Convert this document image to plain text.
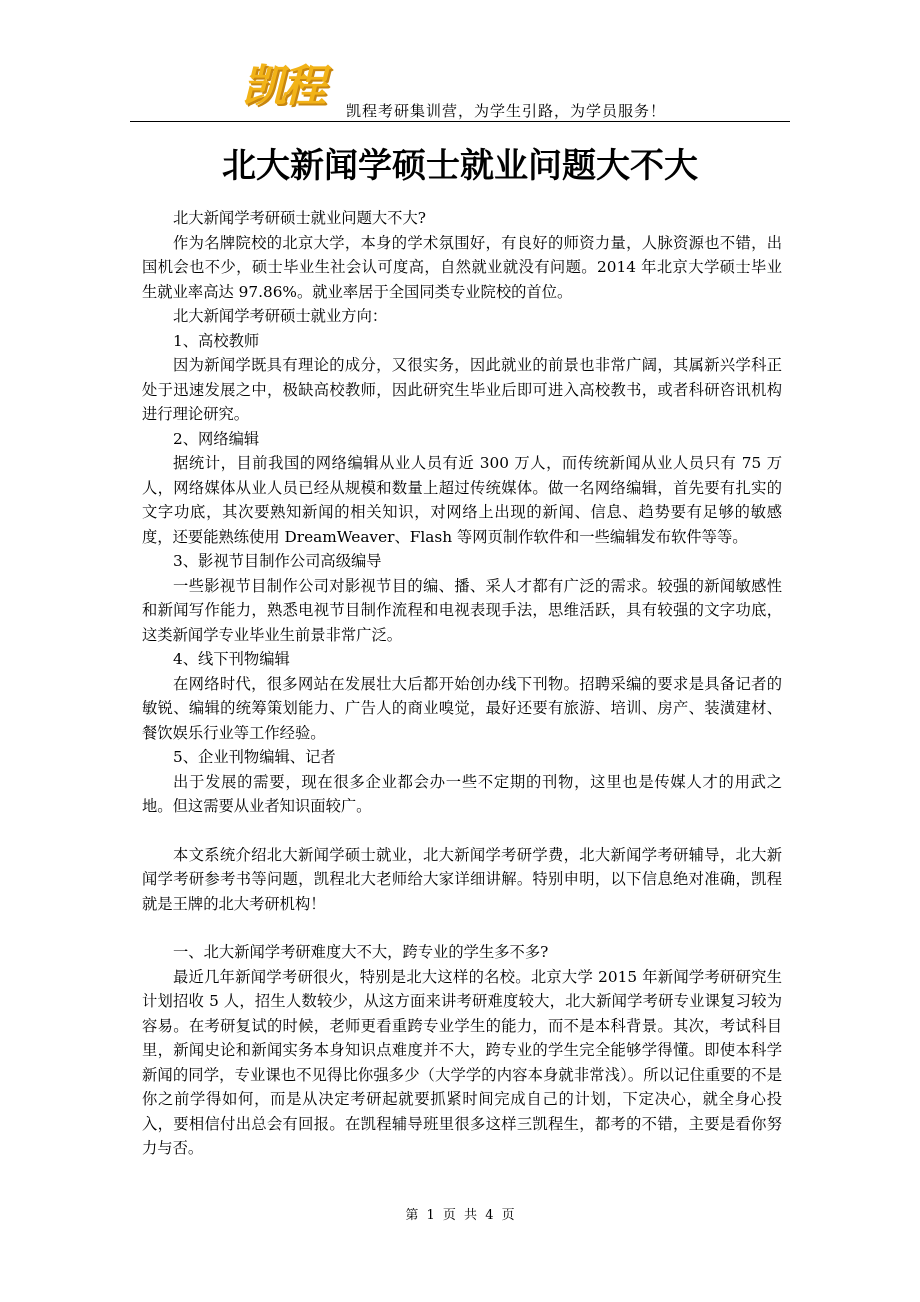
凯程	凯程考研集训营，为学生引路，为学员服务！
北大新闻学硕士就业问题大不大

北大新闻学考研硕士就业问题大不大?

作为名牌院校的北京大学，本身的学术氛围好，有良好的师资力量，人脉资源也不错，出国机会也不少，硕士毕业生社会认可度高，自然就业就没有问题。2014 年北京大学硕士毕业生就业率高达 97.86%。就业率居于全国同类专业院校的首位。

北大新闻学考研硕士就业方向：

1、高校教师

因为新闻学既具有理论的成分，又很实务，因此就业的前景也非常广阔，其属新兴学科正处于迅速发展之中，极缺高校教师，因此研究生毕业后即可进入高校教书，或者科研咨讯机构进行理论研究。

2、网络编辑

据统计，目前我国的网络编辑从业人员有近 300 万人，而传统新闻从业人员只有 75 万人，网络媒体从业人员已经从规模和数量上超过传统媒体。做一名网络编辑，首先要有扎实的文字功底，其次要熟知新闻的相关知识，对网络上出现的新闻、信息、趋势要有足够的敏感度，还要能熟练使用 DreamWeaver、Flash 等网页制作软件和一些编辑发布软件等等。

3、影视节目制作公司高级编导

一些影视节目制作公司对影视节目的编、播、采人才都有广泛的需求。较强的新闻敏感性和新闻写作能力，熟悉电视节目制作流程和电视表现手法，思维活跃，具有较强的文字功底，这类新闻学专业毕业生前景非常广泛。

4、线下刊物编辑

在网络时代，很多网站在发展壮大后都开始创办线下刊物。招聘采编的要求是具备记者的敏锐、编辑的统筹策划能力、广告人的商业嗅觉，最好还要有旅游、培训、房产、装潢建材、餐饮娱乐行业等工作经验。

5、企业刊物编辑、记者

出于发展的需要，现在很多企业都会办一些不定期的刊物，这里也是传媒人才的用武之地。但这需要从业者知识面较广。

本文系统介绍北大新闻学硕士就业，北大新闻学考研学费，北大新闻学考研辅导，北大新闻学考研参考书等问题，凯程北大老师给大家详细讲解。特别申明，以下信息绝对准确，凯程就是王牌的北大考研机构！

一、北大新闻学考研难度大不大，跨专业的学生多不多?

最近几年新闻学考研很火，特别是北大这样的名校。北京大学 2015 年新闻学考研研究生计划招收 5 人，招生人数较少，从这方面来讲考研难度较大，北大新闻学考研专业课复习较为容易。在考研复试的时候，老师更看重跨专业学生的能力，而不是本科背景。其次，考试科目里，新闻史论和新闻实务本身知识点难度并不大，跨专业的学生完全能够学得懂。即使本科学新闻的同学，专业课也不见得比你强多少（大学学的内容本身就非常浅）。所以记住重要的不是你之前学得如何，而是从决定考研起就要抓紧时间完成自己的计划，下定决心，就全身心投入，要相信付出总会有回报。在凯程辅导班里很多这样三凯程生，都考的不错，主要是看你努力与否。

第 1 页 共 4 页
